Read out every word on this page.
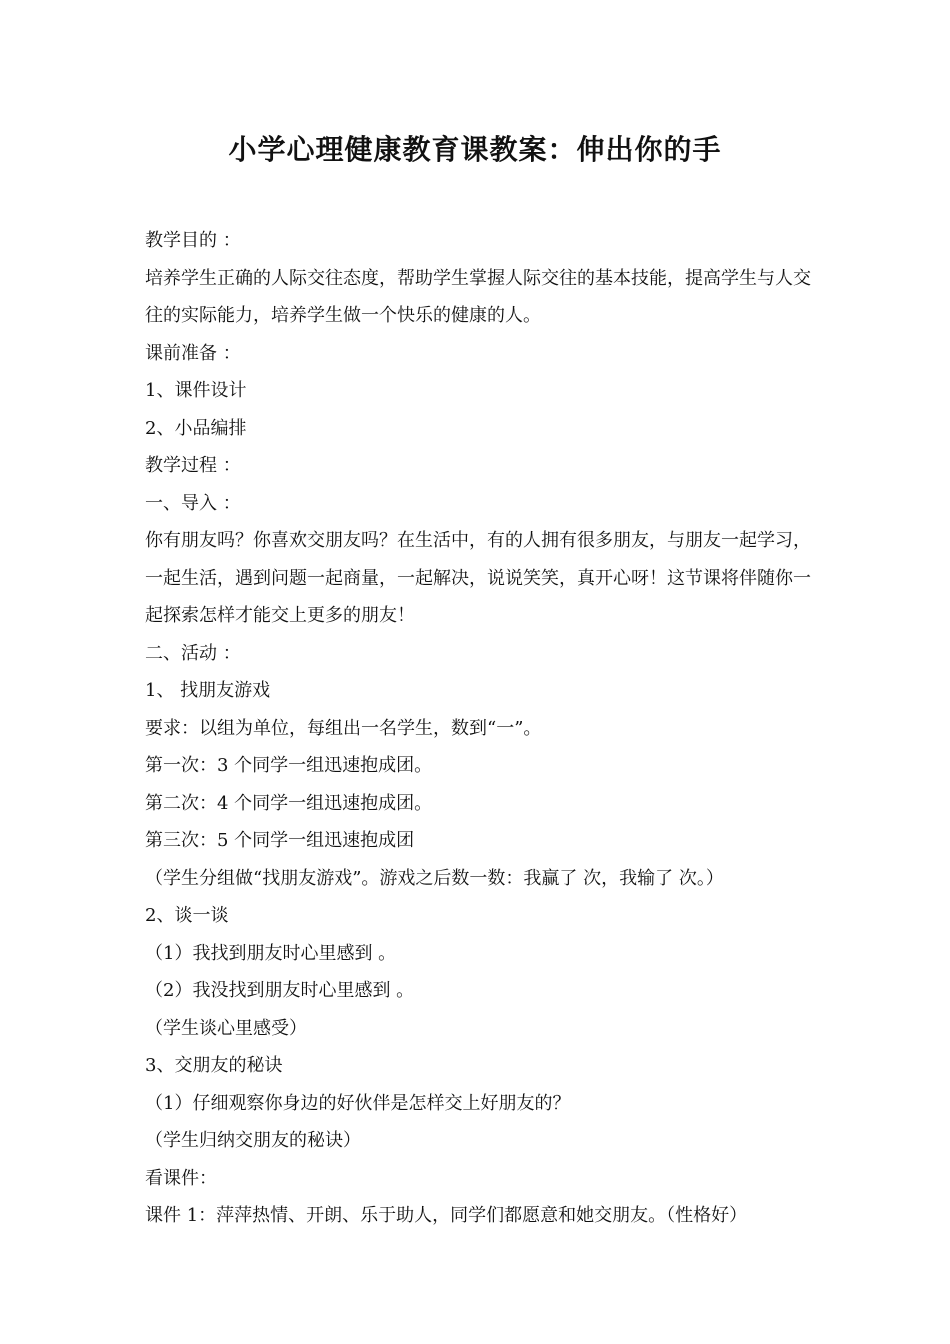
小学心理健康教育课教案：伸出你的手
教学目的 ：
培养学生正确的人际交往态度，帮助学生掌握人际交往的基本技能，提高学生与人交往的实际能力，培养学生做一个快乐的健康的人。
课前准备 ：
1、课件设计
2、小品编排
教学过程 ：
一、导入 ：
你有朋友吗？你喜欢交朋友吗？在生活中，有的人拥有很多朋友，与朋友一起学习，一起生活，遇到问题一起商量，一起解决，说说笑笑，真开心呀！这节课将伴随你一起探索怎样才能交上更多的朋友！
二、活动 ：
1、 找朋友游戏
要求：以组为单位，每组出一名学生，数到“一”。
第一次：3 个同学一组迅速抱成团。
第二次：4 个同学一组迅速抱成团。
第三次：5 个同学一组迅速抱成团
（学生分组做“找朋友游戏”。游戏之后数一数：我赢了 次，我输了 次。）
2、谈一谈
（1）我找到朋友时心里感到 。
（2）我没找到朋友时心里感到 。
（学生谈心里感受）
3、交朋友的秘诀
（1）仔细观察你身边的好伙伴是怎样交上好朋友的？
（学生归纳交朋友的秘诀）
看课件：
课件 1：萍萍热情、开朗、乐于助人，同学们都愿意和她交朋友。（性格好）
